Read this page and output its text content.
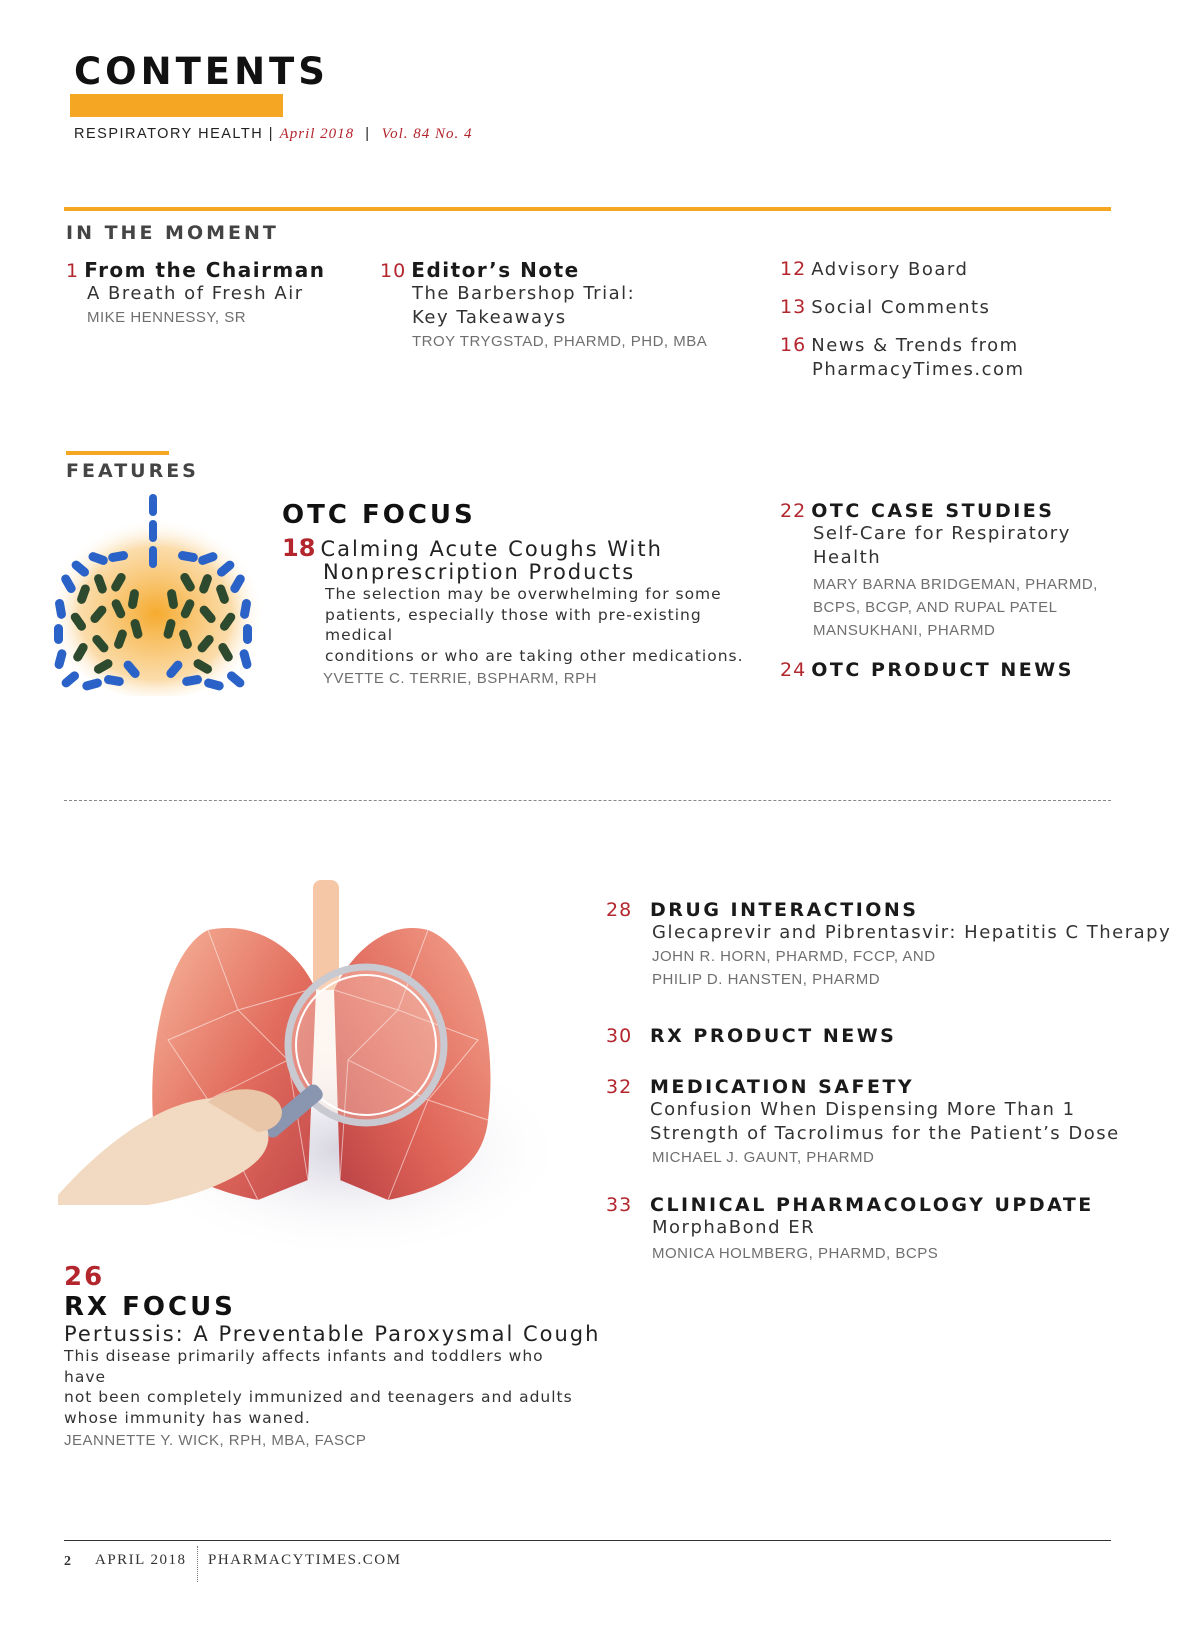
CONTENTS
RESPIRATORY HEALTH | April 2018 | Vol. 84 No. 4
IN THE MOMENT
1 From the Chairman
A Breath of Fresh Air
MIKE HENNESSY, SR
10 Editor’s Note
The Barbershop Trial:
Key Takeaways
TROY TRYGSTAD, PHARMD, PHD, MBA
12 Advisory Board
13 Social Comments
16 News & Trends from
PharmacyTimes.com
FEATURES
OTC FOCUS
18 Calming Acute Coughs With
Nonprescription Products
The selection may be overwhelming for some
patients, especially those with pre-existing medical
conditions or who are taking other medications.
YVETTE C. TERRIE, BSPHARM, RPH
22 OTC CASE STUDIES
Self-Care for Respiratory
Health
MARY BARNA BRIDGEMAN, PHARMD,
BCPS, BCGP, AND RUPAL PATEL
MANSUKHANI, PHARMD
24 OTC PRODUCT NEWS
26
RX FOCUS
Pertussis: A Preventable Paroxysmal Cough
This disease primarily affects infants and toddlers who have
not been completely immunized and teenagers and adults
whose immunity has waned.
JEANNETTE Y. WICK, RPH, MBA, FASCP
28 DRUG INTERACTIONS
Glecaprevir and Pibrentasvir: Hepatitis C Therapy
JOHN R. HORN, PHARMD, FCCP, AND
PHILIP D. HANSTEN, PHARMD
30 RX PRODUCT NEWS
32 MEDICATION SAFETY
Confusion When Dispensing More Than 1
Strength of Tacrolimus for the Patient’s Dose
MICHAEL J. GAUNT, PHARMD
33 CLINICAL PHARMACOLOGY UPDATE
MorphaBond ER
MONICA HOLMBERG, PHARMD, BCPS
2 APRIL 2018 PHARMACYTIMES.COM
